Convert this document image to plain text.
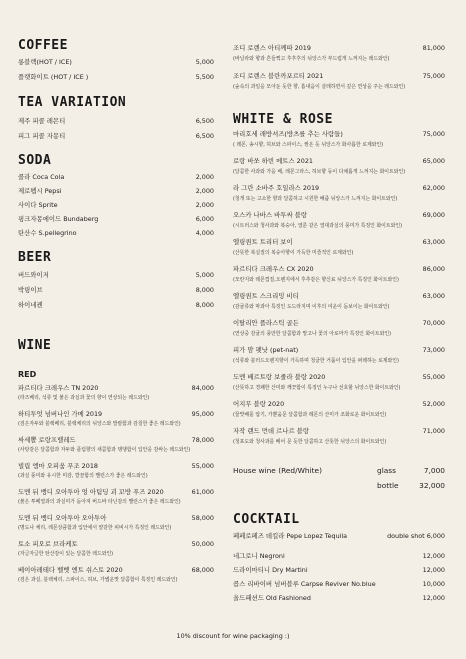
COFFEE
롱블랙(HOT / ICE)	5,000
플랫화이트 (HOT / ICE )	5,500
TEA VARIATION
제주 피콜 레몬티	6,500
피그 피콜 자몽티	6,500
SODA
콜라 Coca Cola	2,000
제로펩시 Pepsi	2,000
사이다 Sprite	2,000
핑크자몽에이드 Bundaberg	6,000
탄산수 S.pellegrino	4,000
BEER
버드와이저	5,000
박링이브	8,000
하이네켄	8,000
WINE
RED
파르티다 크레우스 TN 2020	84,000
(라즈베리, 석류 및 붉은 과실과 꽃의 향이 연상되는 레드와인)
하티투엇 넘버나인 가메 2019	95,000
(검은자두와 블랙베리, 블랙체리의 뉘앙스와 발랄함과 감칠한 좋은 레드와인)
싸세뽈 로랑프렐레드	78,000
(사탕같은 달콤함과 자두와 플럼향의 새콤함과 탱탱함이 입안을 감싸는 레드와인)
빌립 엠마 오피움 푸조 2018	55,000
(과실 풍미와 유시한 미감, 깔끔함의 밸런스가 좋은 레드와인)
도멘 뒤 뱅디 오아투아 엉 아팀딩 괴 꼬방 푸즈 2020	61,000
(붉은 투베열과의 과실미가 돋아져 버드바 타닌감의 밸런스가 좋은 레드와인)
도멘 뒤 뱅디 오아투아 오아투아	58,000
(명도나 체리, 레몬상큼함과 입안에서 얄같한 피비시가 특징인 레드와인)
토소 피오로 브라케토	50,000
(자글자글한 탄산감이 있는 달콤한 레드와인)
베이아레테다 벨벳 엔트 쉬스토 2020	68,000
(검은 과실, 블랙체리, 스파이스, 허브, 가볍운맛 달콤함이 특징인 레드와인)
조디 로렌스 아티께따 2019	81,000
(바닐라와 향과 흔들찍고 후후후의 뉘앙스가 부드럽게 느껴지는 레드와인)
조디 로렌스 블란까포르티 2021	75,000
(숲속의 과일을 모아둔 듯한 향, 흠내음이 살레하면서 깊은 연상을 주는 레드와인)
WHITE & ROSE
마리호세 래방셔즈(방츠를 추는 사람들)	75,000
( 레몬, 송시향, 허브와 스파이스, 짱온 듯 뉘앙스가 화사롭한 로제와인)
로랑 바쏘 하빈 메트스 2021	65,000
(달콤한 사과와 가을 배, 레몬그라스, 허브향 등이 다채롭게 느껴지는 화이트와인)
라 그란 소바주 호일라스 2019	62,000
(청개 또는 고소한 향과 달콤하고 시원한 배즙 뉘앙스가 느껴지는 화이트와인)
오스카 나바스 바투싸 블랑	69,000
(시트러스와 청사과와 복숭아, 열룬 같은 열대과실의 풍미가 특징인 화이트와인)
엘링퀀트 트리터 보이	63,000
(산뜻한 복실질의 복숭아향이 가득한 미즐적인 로제와인)
파르티다 크레우스 CX 2020	86,000
(모란지와 레몬껍질,오렌지에서 후추같은 향신료 뉘앙스가 특징인 화이트와인)
엘링퀀트 스크리밍 비티	63,000
(감귤류와 막과아 특징인 도드라지며 이후의 여운이 돋보이는 화이트와인)
이탈리안 플라스틱 골든	70,000
(연상중 감귤의 풍만한 달콤함과 망고나 꽃의 아로마가 특징인 화이트와인)
피가 맘 펫낫 (pet-nat)	73,000
(석류와 블러드오렌지향이 가득하며 청굴한 거품이 입안을 퍼레하는 로제와인)
도멘 배르트랑 보줄라 블랑 2020	55,000
(산뜻하고 경쾌한 산미와 깨끗함이 특징인 누구나 선호할 뉘앙스한 화이트와인)
어지무 블랑 2020	52,000
(꿀맛배를 압기, 가뿐움문 달콤함과 레몬의 산미가 조화로운 화이트와인)
자작 랜드 먼데 르나르 블랑	71,000
(청포도와 청사과를 베어 문 듯한 달콤하고 산뜻한 뉘앙스의 화이트와인)
House wine (Red/White)	glass	7,000
bottle	32,000
COCKTAIL
페페로페즈 데킬라 Pepe Lopez Tequila	double shot 6,000
네그로니 Negroni	12,000
드라이마티니 Dry Martini	12,000
콥스 리바이버 넘버블루 Carpse Reviver No.blue	10,000
올드패션드 Old Fashioned	12,000
10% discount for wine packaging :)
